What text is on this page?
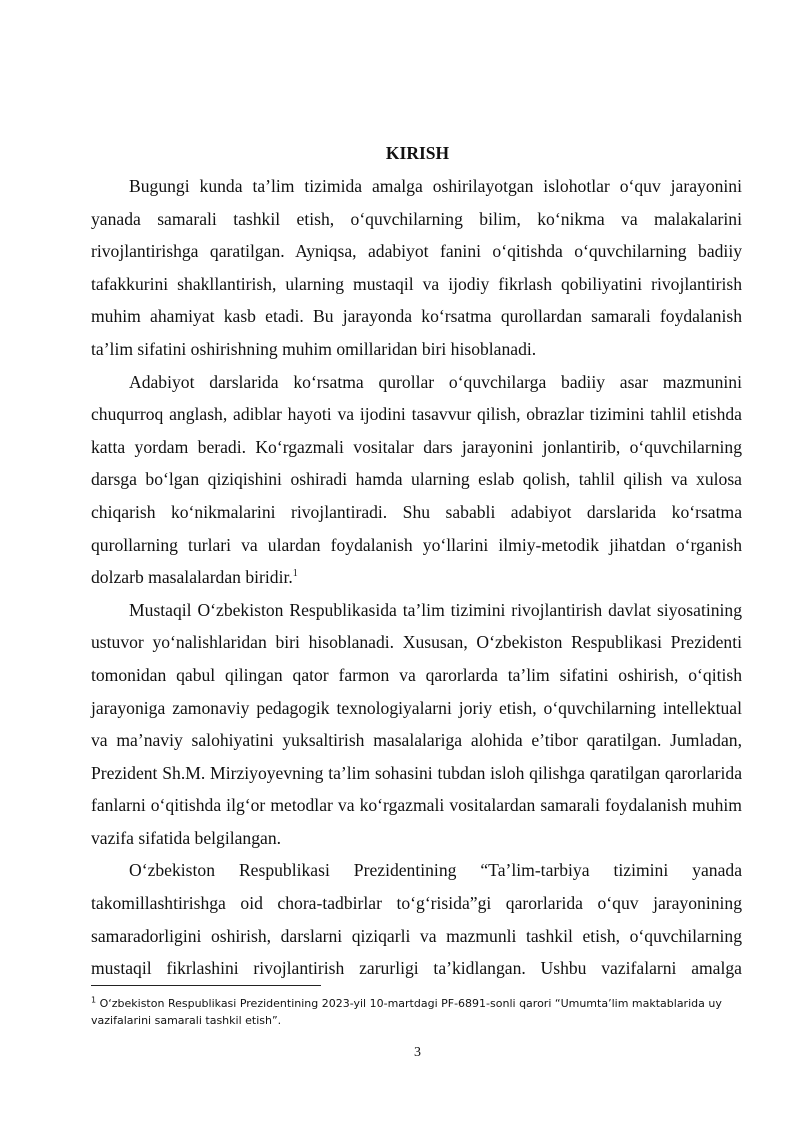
KIRISH

Bugungi kunda ta’lim tizimida amalga oshirilayotgan islohotlar o‘quv jarayonini yanada samarali tashkil etish, o‘quvchilarning bilim, ko‘nikma va malakalarini rivojlantirishga qaratilgan. Ayniqsa, adabiyot fanini o‘qitishda o‘quvchilarning badiiy tafakkurini shakllantirish, ularning mustaqil va ijodiy fikrlash qobiliyatini rivojlantirish muhim ahamiyat kasb etadi. Bu jarayonda ko‘rsatma qurollardan samarali foydalanish ta’lim sifatini oshirishning muhim omillaridan biri hisoblanadi.

Adabiyot darslarida ko‘rsatma qurollar o‘quvchilarga badiiy asar mazmunini chuqurroq anglash, adiblar hayoti va ijodini tasavvur qilish, obrazlar tizimini tahlil etishda katta yordam beradi. Ko‘rgazmali vositalar dars jarayonini jonlantirib, o‘quvchilarning darsga bo‘lgan qiziqishini oshiradi hamda ularning eslab qolish, tahlil qilish va xulosa chiqarish ko‘nikmalarini rivojlantiradi. Shu sababli adabiyot darslarida ko‘rsatma qurollarning turlari va ulardan foydalanish yo‘llarini ilmiy-metodik jihatdan o‘rganish dolzarb masalalardan biridir.$^1$

Mustaqil O‘zbekiston Respublikasida ta’lim tizimini rivojlantirish davlat siyosatining ustuvor yo‘nalishlaridan biri hisoblanadi. Xususan, O‘zbekiston Respublikasi Prezidenti tomonidan qabul qilingan qator farmon va qarorlarda ta’lim sifatini oshirish, o‘qitish jarayoniga zamonaviy pedagogik texnologiyalarni joriy etish, o‘quvchilarning intellektual va ma’naviy salohiyatini yuksaltirish masalalariga alohida e’tibor qaratilgan. Jumladan, Prezident Sh.M. Mirziyoyevning ta’lim sohasini tubdan isloh qilishga qaratilgan qarorlarida fanlarni o‘qitishda ilg‘or metodlar va ko‘rgazmali vositalardan samarali foydalanish muhim vazifa sifatida belgilangan.

O‘zbekiston Respublikasi Prezidentining “Ta’lim-tarbiya tizimini yanada takomillashtirishga oid chora-tadbirlar to‘g‘risida”gi qarorlarida o‘quv jarayonining samaradorligini oshirish, darslarni qiziqarli va mazmunli tashkil etish, o‘quvchilarning mustaqil fikrlashini rivojlantirish zarurligi ta’kidlangan. Ushbu vazifalarni amalga

$^1$ O‘zbekiston Respublikasi Prezidentining 2023-yil 10-martdagi PF-6891-sonli qarori “Umumta’lim maktablarida uy vazifalarini samarali tashkil etish”.
3
